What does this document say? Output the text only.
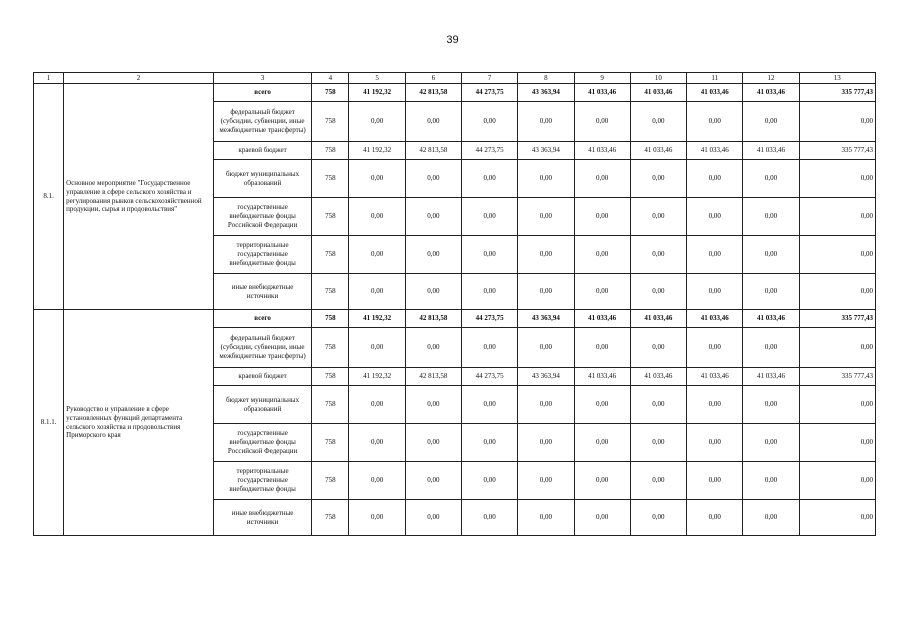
39
1	2	3	4	5	6	7	8	9	10	11	12	13
8.1.	Основное мероприятие "Государственное управление в сфере сельского хозяйства и регулирования рынков сельскохозяйственной продукции, сырья и продовольствия"	всего	758	41 192,32	42 813,58	44 273,75	43 363,94	41 033,46	41 033,46	41 033,46	41 033,46	335 777,43
		федеральный бюджет (субсидии, субвенции, иные межбюджетные трансферты)	758	0,00	0,00	0,00	0,00	0,00	0,00	0,00	0,00	0,00
		краевой бюджет	758	41 192,32	42 813,58	44 273,75	43 363,94	41 033,46	41 033,46	41 033,46	41 033,46	335 777,43
		бюджет муниципальных образований	758	0,00	0,00	0,00	0,00	0,00	0,00	0,00	0,00	0,00
		государственные внебюджетные фонды Российской Федерации	758	0,00	0,00	0,00	0,00	0,00	0,00	0,00	0,00	0,00
		территориальные государственные внебюджетные фонды	758	0,00	0,00	0,00	0,00	0,00	0,00	0,00	0,00	0,00
		иные внебюджетные источники	758	0,00	0,00	0,00	0,00	0,00	0,00	0,00	0,00	0,00
8.1.1.	Руководство и управление в сфере установленных функций департамента сельского хозяйства и продовольствия Приморского края	всего	758	41 192,32	42 813,58	44 273,75	43 363,94	41 033,46	41 033,46	41 033,46	41 033,46	335 777,43
		федеральный бюджет (субсидии, субвенции, иные межбюджетные трансферты)	758	0,00	0,00	0,00	0,00	0,00	0,00	0,00	0,00	0,00
		краевой бюджет	758	41 192,32	42 813,58	44 273,75	43 363,94	41 033,46	41 033,46	41 033,46	41 033,46	335 777,43
		бюджет муниципальных образований	758	0,00	0,00	0,00	0,00	0,00	0,00	0,00	0,00	0,00
		государственные внебюджетные фонды Российской Федерации	758	0,00	0,00	0,00	0,00	0,00	0,00	0,00	0,00	0,00
		территориальные государственные внебюджетные фонды	758	0,00	0,00	0,00	0,00	0,00	0,00	0,00	0,00	0,00
		иные внебюджетные источники	758	0,00	0,00	0,00	0,00	0,00	0,00	0,00	0,00	0,00
